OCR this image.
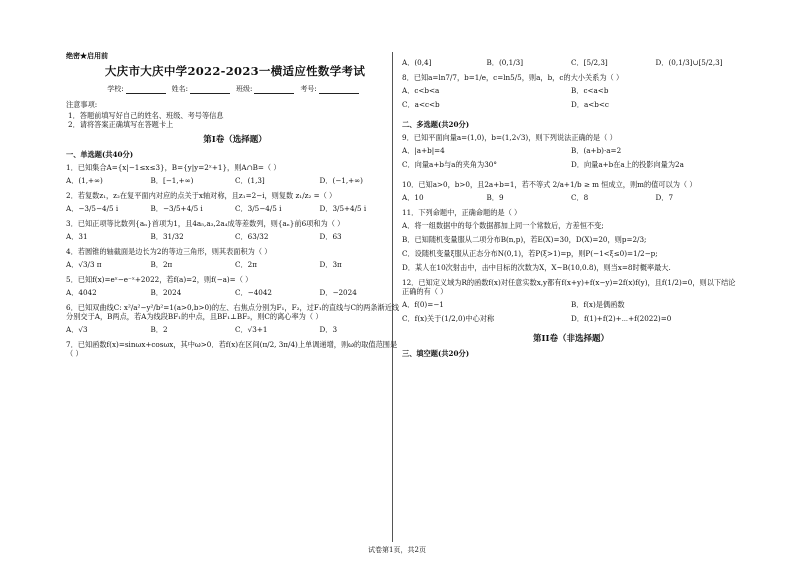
绝密★启用前
大庆市大庆中学2022-2023一横适应性数学考试
学校:	姓名:	班级:	考号:
注意事项:
1．答题前填写好自己的姓名、班级、考号等信息
2．请将答案正确填写在答题卡上
第Ⅰ卷（选择题）
一、单选题(共40分)
1．已知集合A={x|−1≤x≤3}，B={y|y=2ˣ+1}，则A∩B=（ ）
A．(1,+∞)	B．[−1,+∞)	C．(1,3]	D．(−1,+∞)
2．若复数z₁，z₂在复平面内对应的点关于x轴对称，且z₁=2−i，则复数 z₁/z₂ =（ ）
A．−3/5−4/5 i	B．−3/5+4/5 i	C．3/5−4/5 i	D．3/5+4/5 i
3．已知正项等比数列{aₙ}首项为1，且4a₅,a₃,2a₄成等差数列，则{aₙ}前6项和为（ ）
A．31	B．31/32	C．63/32	D．63
4．若圆锥的轴截面是边长为2的等边三角形，则其表面积为（ ）
A．√3/3 π	B．2π	C．2π	D．3π
5．已知f(x)=eˣ−e⁻ˣ+2022，若f(a)=2，则f(−a)=（ ）
A．4042	B．2024	C．−4042	D．−2024
6．已知双曲线C: x²/a²−y²/b²=1(a>0,b>0)的左、右焦点分别为F₁，F₂，过F₁的直线与C的两条渐近线分别交于A，B两点，若A为线段BF₁的中点，且BF₁⊥BF₂，则C的离心率为（ ）
A．√3	B．2	C．√3+1	D．3
7．已知函数f(x)=sinωx+cosωx，其中ω>0．若f(x)在区间(π/2, 3π/4)上单调递增，则ω的取值范围是（ ）
A．(0,4]	B．(0,1/3]	C．[5/2,3]	D．(0,1/3]∪[5/2,3]
8．已知a=ln7/7，b=1/e，c=ln5/5，则a，b，c的大小关系为（ ）
A．c<b<a	B．c<a<b
C．a<c<b	D．a<b<c
二、多选题(共20分)
9．已知平面向量a=(1,0)，b=(1,2√3)，则下列说法正确的是（ ）
A．|a+b|=4	B．(a+b)·a=2
C．向量a+b与a的夹角为30°	D．向量a+b在a上的投影向量为2a
10．已知a>0，b>0，且2a+b=1，若不等式 2/a+1/b ≥ m 恒成立，则m的值可以为（ ）
A．10	B．9	C．8	D．7
11．下列命题中，正确命题的是（ ）
A．将一组数据中的每个数据都加上同一个常数后，方差恒不变;
B．已知随机变量服从二项分布B(n,p)，若E(X)=30，D(X)=20，则p=2/3;
C．设随机变量ξ服从正态分布N(0,1)，若P(ξ>1)=p，则P(−1<ξ≤0)=1/2−p;
D．某人在10次射击中，击中目标的次数为X，X~B(10,0.8)，则当x=8时概率最大.
12．已知定义域为R的函数f(x)对任意实数x,y都有f(x+y)+f(x−y)=2f(x)f(y)，且f(1/2)=0，则以下结论正确的有（ ）
A．f(0)=−1	B．f(x)是偶函数
C．f(x)关于(1/2,0)中心对称	D．f(1)+f(2)+⋯+f(2022)=0
第II卷（非选择题）
三、填空题(共20分)
试卷第1页，共2页
